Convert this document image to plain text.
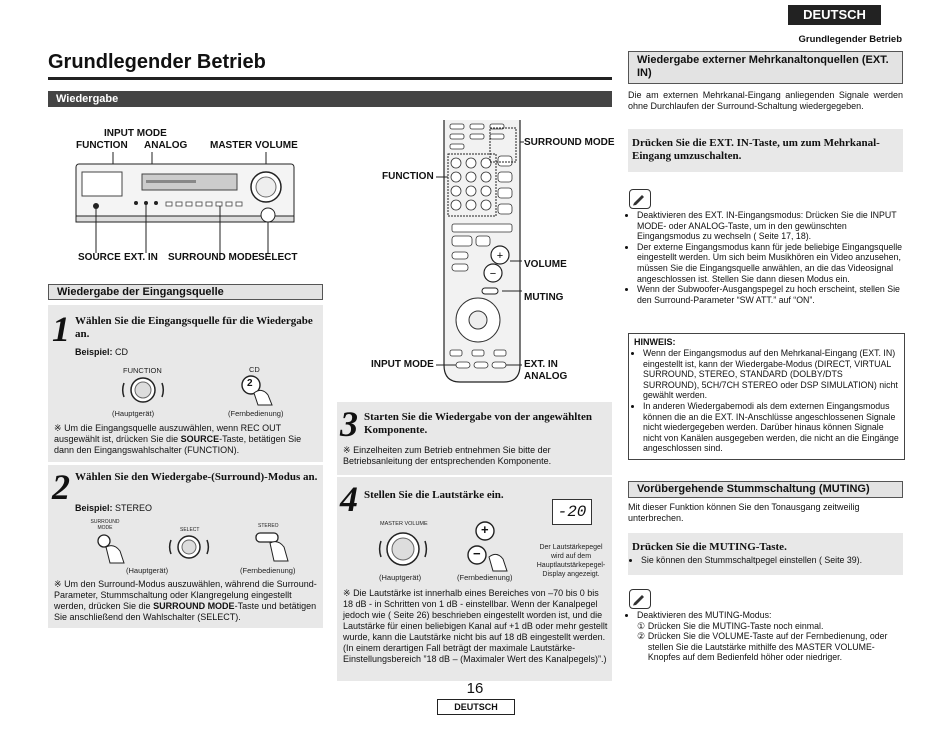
DEUTSCH
Grundlegender Betrieb
Grundlegender Betrieb
Wiedergabe
INPUT MODE
FUNCTION ANALOG MASTER VOLUME
SOURCE EXT. IN SURROUND MODE SELECT
Wiedergabe der Eingangsquelle
1 Wählen Sie die Eingangsquelle für die Wiedergabe an.
Beispiel: CD
FUNCTION	CD
2
(Hauptgerät)	(Fernbedienung)
※ Um die Eingangsquelle auszuwählen, wenn REC OUT ausgewählt ist, drücken Sie die SOURCE-Taste, betätigen Sie dann den Eingangswahlschalter (FUNCTION).
2 Wählen Sie den Wiedergabe-(Surround)-Modus an.
Beispiel: STEREO
SURROUND MODE	SELECT
STEREO
(Hauptgerät)	(Fernbedienung)
※ Um den Surround-Modus auszuwählen, während die Surround-Parameter, Stummschaltung oder Klangregelung eingestellt werden, drücken Sie die SURROUND MODE-Taste und betätigen Sie anschließend den Wahlschalter (SELECT).
+
−
SURROUND MODE
FUNCTION
VOLUME
MUTING
INPUT MODE	EXT. IN
ANALOG
3 Starten Sie die Wiedergabe von der angewählten Komponente.
※ Einzelheiten zum Betrieb entnehmen Sie bitte der Betriebsanleitung der entsprechenden Komponente.
4 Stellen Sie die Lautstärke ein.
-20
Der Lautstärkepegel wird auf dem Hauptlautstärkepegel-Display angezeigt.
MASTER VOLUME	+
−
(Hauptgerät)	(Fernbedienung)
※ Die Lautstärke ist innerhalb eines Bereiches von –70 bis 0 bis 18 dB - in Schritten von 1 dB - einstellbar. Wenn der Kanalpegel jedoch wie ( Seite 26) beschrieben eingestellt worden ist, und die Lautstärke für einen beliebigen Kanal auf +1 dB oder mehr gestellt wurde, kann die Lautstärke nicht bis auf 18 dB eingestellt werden. (In einem derartigen Fall beträgt der maximale Lautstärke-Einstellungsbereich ”18 dB – (Maximaler Wert des Kanalpegels)”.)
Wiedergabe externer Mehrkanaltonquellen (EXT. IN)
Die am externen Mehrkanal-Eingang anliegenden Signale werden ohne Durchlaufen der Surround-Schaltung wiedergegeben.
Drücken Sie die EXT. IN-Taste, um zum Mehrkanal-Eingang umzuschalten.
• Deaktivieren des EXT. IN-Eingangsmodus: Drücken Sie die INPUT MODE- oder ANALOG-Taste, um in den gewünschten Eingangsmodus zu wechseln ( Seite 17, 18).
• Der externe Eingangsmodus kann für jede beliebige Eingangsquelle eingestellt werden. Um sich beim Musikhören ein Video anzusehen, müssen Sie die Eingangsquelle anwählen, an die das Videosignal angeschlossen ist. Stellen Sie dann diesen Modus ein.
• Wenn der Subwoofer-Ausgangspegel zu hoch erscheint, stellen Sie den Surround-Parameter “SW ATT.” auf “ON”.
HINWEIS:
• Wenn der Eingangsmodus auf den Mehrkanal-Eingang (EXT. IN) eingestellt ist, kann der Wiedergabe-Modus (DIRECT, VIRTUAL SURROUND, STEREO, STANDARD (DOLBY/DTS SURROUND), 5CH/7CH STEREO oder DSP SIMULATION) nicht gewählt werden.
• In anderen Wiedergabemodi als dem externen Eingangsmodus können die an die EXT. IN-Anschlüsse angeschlossenen Signale nicht wiedergegeben werden. Darüber hinaus können Signale nicht von Kanälen ausgegeben werden, die nicht an die Eingänge angeschlossen sind.
Vorübergehende Stummschaltung (MUTING)
Mit dieser Funktion können Sie den Tonausgang zeitweilig unterbrechen.
Drücken Sie die MUTING-Taste.
• Sie können den Stummschaltpegel einstellen ( Seite 39).
• Deaktivieren des MUTING-Modus:
① Drücken Sie die MUTING-Taste noch einmal.
② Drücken Sie die VOLUME-Taste auf der Fernbedienung, oder stellen Sie die Lautstärke mithilfe des MASTER VOLUME-Knopfes auf dem Bedienfeld höher oder niedriger.
16
DEUTSCH
